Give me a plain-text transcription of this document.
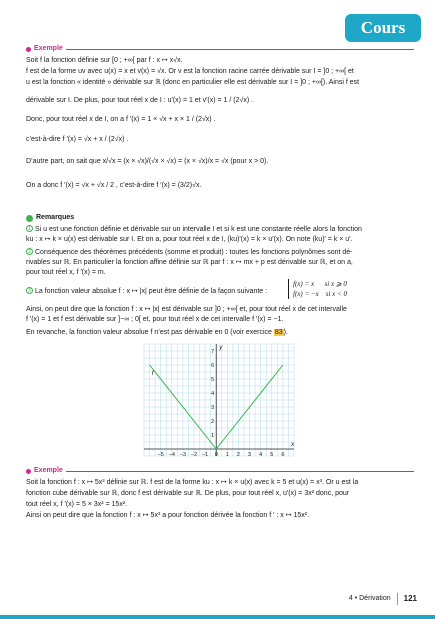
Cours
Exemple
Soit f la fonction définie sur [0 ; +∞[ par f : x ↦ x√x.
f est de la forme uv avec u(x) = x et v(x) = √x. Or v est la fonction racine carrée dérivable sur I = ]0 ; +∞[ et
u est la fonction « identité » dérivable sur ℝ (donc en particulier elle est dérivable sur I = ]0 ; +∞[). Ainsi f est
dérivable sur I. De plus, pour tout réel x de I : u′(x) = 1 et v′(x) = 1 / (2√x) .
Donc, pour tout réel x de I, on a f ′(x) = 1 × √x + x × 1 / (2√x) .
c’est-à-dire f ′(x) = √x + x / (2√x) .
D’autre part, on sait que x/√x = (x × √x)/(√x × √x) = (x × √x)/x = √x (pour x > 0).
On a donc f ′(x) = √x + √x / 2 , c’est-à-dire f ′(x) = (3/2)√x.
Remarques
1 Si u est une fonction définie et dérivable sur un intervalle I et si k est une constante réelle alors la fonction
ku : x ↦ k × u(x) est dérivable sur I. Et on a, pour tout réel x de I, (ku)′(x) = k × u′(x). On note (ku)′ = k × u′.
2 Conséquence des théorèmes précédents (somme et produit) : toutes les fonctions polynômes sont dé-
rivables sur ℝ. En particulier la fonction affine définie sur ℝ par f : x ↦ mx + p est dérivable sur ℝ, et on a,
pour tout réel x, f ′(x) = m.
3 La fonction valeur absolue f : x ↦ |x| peut être définie de la façon suivante :
f(x) = x      si x ⩾ 0
f(x) = −x    si x < 0
Ainsi, on peut dire que la fonction f : x ↦ |x| est dérivable sur ]0 ; +∞[ et, pour tout réel x de cet intervalle
f ′(x) = 1 et f est dérivable sur ]−∞ ; 0[ et, pour tout réel x de cet intervalle f ′(x) = −1.
En revanche, la fonction valeur absolue f n’est pas dérivable en 0 (voir exercice 83).
−5 −4 −3 −2 −1 0 1 2 3 4 5 6
1
2
3
4
5
6
7
x
y
f
Exemple
Soit la fonction f : x ↦ 5x³ définie sur ℝ. f est de la forme ku : x ↦ k × u(x) avec k = 5 et u(x) = x³. Or u est la
fonction cube dérivable sur ℝ, donc f est dérivable sur ℝ. De plus, pour tout réel x, u′(x) = 3x² donc, pour
tout réel x, f ′(x) = 5 × 3x² = 15x².
Ainsi on peut dire que la fonction f : x ↦ 5x³ a pour fonction dérivée la fonction f ′ : x ↦ 15x².
4 • Dérivation	121
